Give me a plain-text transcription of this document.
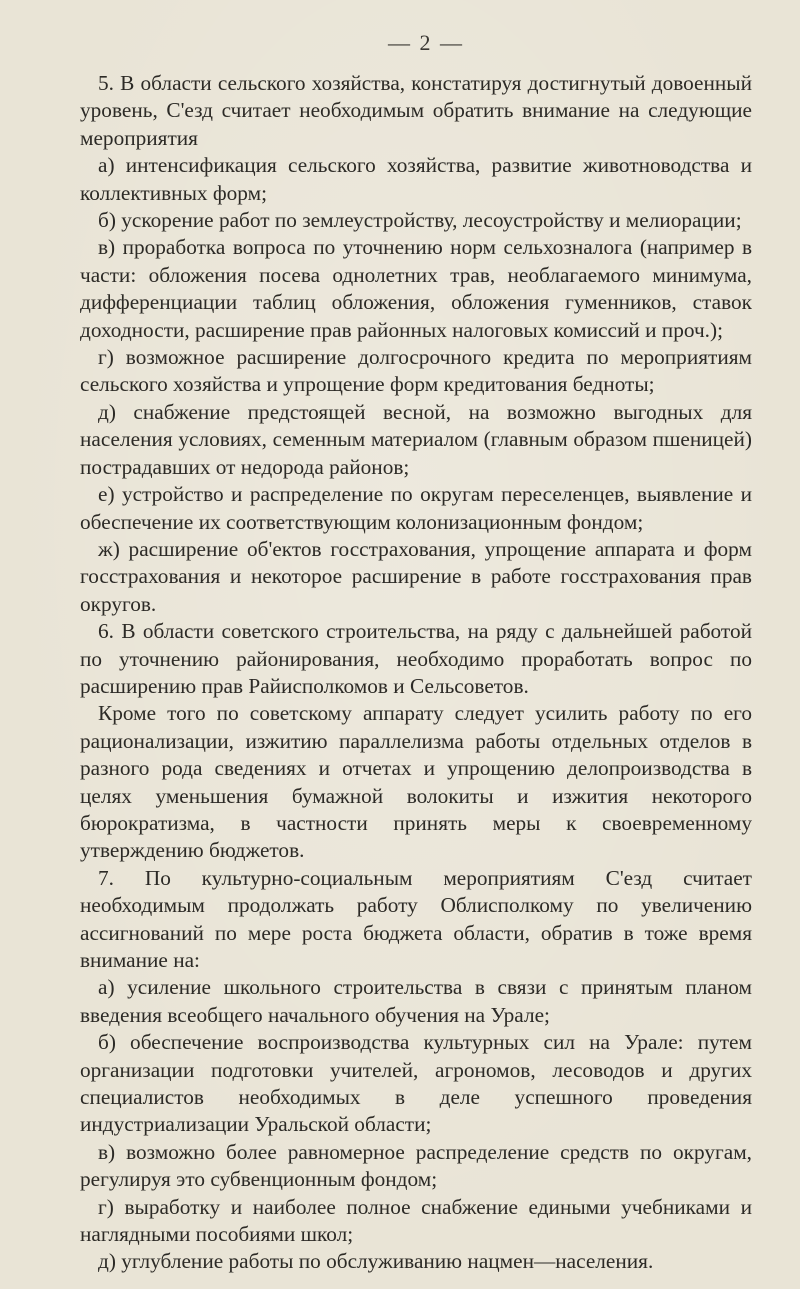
— 2 —

5. В области сельского хозяйства, констатируя достигнутый довоенный уровень, С'езд считает необходимым обратить внимание на следующие мероприятия

а) интенсификация сельского хозяйства, развитие животноводства и коллективных форм;

б) ускорение работ по землеустройству, лесоустройству и мелиорации;

в) проработка вопроса по уточнению норм сельхозналога (например в части: обложения посева однолетних трав, необлагаемого минимума, дифференциации таблиц обложения, обложения гуменников, ставок доходности, расширение прав районных налоговых комиссий и проч.);

г) возможное расширение долгосрочного кредита по мероприятиям сельского хозяйства и упрощение форм кредитования бедноты;

д) снабжение предстоящей весной, на возможно выгодных для населения условиях, семенным материалом (главным образом пшеницей) пострадавших от недорода районов;

е) устройство и распределение по округам переселенцев, выявление и обеспечение их соответствующим колонизационным фондом;

ж) расширение об'ектов госстрахования, упрощение аппарата и форм госстрахования и некоторое расширение в работе госстрахования прав округов.

6. В области советского строительства, на ряду с дальнейшей работой по уточнению районирования, необходимо проработать вопрос по расширению прав Райисполкомов и Сельсоветов.

Кроме того по советскому аппарату следует усилить работу по его рационализации, изжитию параллелизма работы отдельных отделов в разного рода сведениях и отчетах и упрощению делопроизводства в целях уменьшения бумажной волокиты и изжития некоторого бюрократизма, в частности принять меры к своевременному утверждению бюджетов.

7. По культурно-социальным мероприятиям С'езд считает необходимым продолжать работу Облисполкому по увеличению ассигнований по мере роста бюджета области, обратив в тоже время внимание на:

а) усиление школьного строительства в связи с принятым планом введения всеобщего начального обучения на Урале;

б) обеспечение воспроизводства культурных сил на Урале: путем организации подготовки учителей, агрономов, лесоводов и других специалистов необходимых в деле успешного проведения индустриализации Уральской области;

в) возможно более равномерное распределение средств по округам, регулируя это субвенционным фондом;

г) выработку и наиболее полное снабжение едиными учебниками и наглядными пособиями школ;

д) углубление работы по обслуживанию нацмен—населения.
